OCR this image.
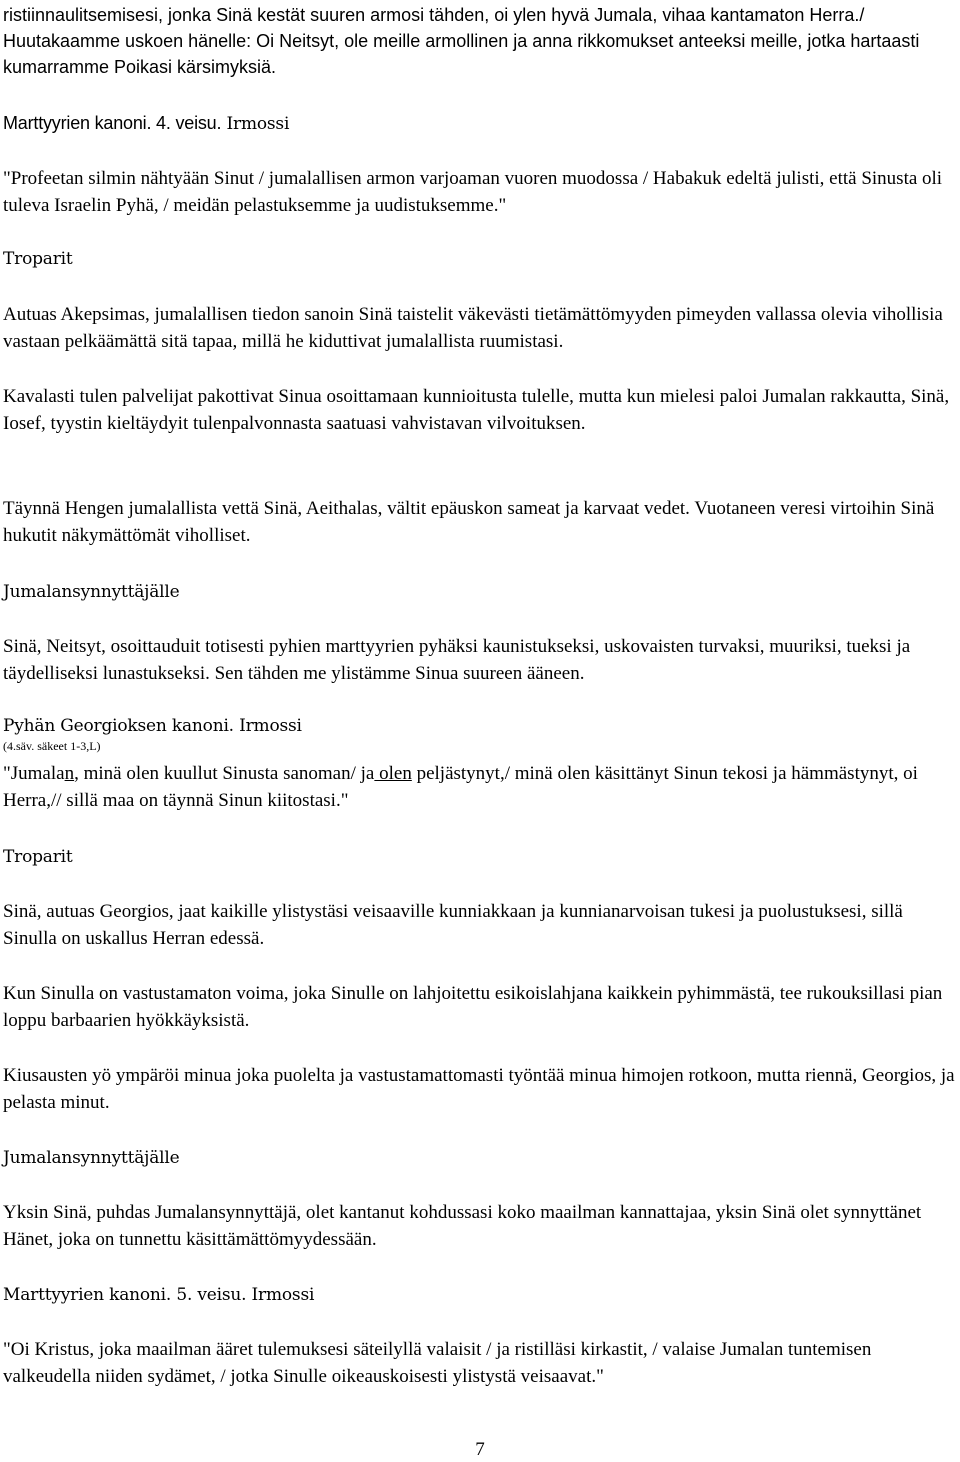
ristiinnaulitsemisesi, jonka Sinä kestät suuren armosi tähden, oi ylen hyvä Jumala, vihaa kantamaton Herra./ Huutakaamme uskoen hänelle: Oi Neitsyt, ole meille armollinen ja anna rikkomukset anteeksi meille, jotka hartaasti kumarramme Poikasi kärsimyksiä.

Marttyyrien kanoni. 4. veisu. Irmossi

"Profeetan silmin nähtyään Sinut / jumalallisen armon varjoaman vuoren muodossa / Habakuk edeltä julisti, että Sinusta oli tuleva Israelin Pyhä, / meidän pelastuksemme ja uudistuksemme."

Troparit

Autuas Akepsimas, jumalallisen tiedon sanoin Sinä taistelit väkevästi tietämättömyyden pimeyden vallassa olevia vihollisia vastaan pelkäämättä sitä tapaa, millä he kiduttivat jumalallista ruumistasi.

Kavalasti tulen palvelijat pakottivat Sinua osoittamaan kunnioitusta tulelle, mutta kun mielesi paloi Jumalan rakkautta, Sinä, Iosef, tyystin kieltäydyit tulenpalvonnasta saatuasi vahvistavan vilvoituksen.

Täynnä Hengen jumalallista vettä Sinä, Aeithalas, vältit epäuskon sameat ja karvaat vedet. Vuotaneen veresi virtoihin Sinä hukutit näkymättömät viholliset.

Jumalansynnyttäjälle

Sinä, Neitsyt, osoittauduit totisesti pyhien marttyyrien pyhäksi kaunistukseksi, uskovaisten turvaksi, muuriksi, tueksi ja täydelliseksi lunastukseksi. Sen tähden me ylistämme Sinua suureen ääneen.

Pyhän Georgioksen kanoni. Irmossi

(4.säv. säkeet 1-3,L)

"Jumalan, minä olen kuullut Sinusta sanoman/ ja olen peljästynyt,/ minä olen käsittänyt Sinun tekosi ja hämmästynyt, oi Herra,// sillä maa on täynnä Sinun kiitostasi."

Troparit

Sinä, autuas Georgios, jaat kaikille ylistystäsi veisaaville kunniakkaan ja kunnianarvoisan tukesi ja puolustuksesi, sillä Sinulla on uskallus Herran edessä.

Kun Sinulla on vastustamaton voima, joka Sinulle on lahjoitettu esikoislahjana kaikkein pyhimmästä, tee rukouksillasi pian loppu barbaarien hyökkäyksistä.

Kiusausten yö ympäröi minua joka puolelta ja vastustamattomasti työntää minua himojen rotkoon, mutta riennä, Georgios, ja pelasta minut.

Jumalansynnyttäjälle

Yksin Sinä, puhdas Jumalansynnyttäjä, olet kantanut kohdussasi koko maailman kannattajaa, yksin Sinä olet synnyttänet Hänet, joka on tunnettu käsittämättömyydessään.

Marttyyrien kanoni. 5. veisu. Irmossi

"Oi Kristus, joka maailman ääret tulemuksesi säteilyllä valaisit / ja ristilläsi kirkastit, / valaise Jumalan tuntemisen valkeudella niiden sydämet, / jotka Sinulle oikeauskoisesti ylistystä veisaavat."

7
